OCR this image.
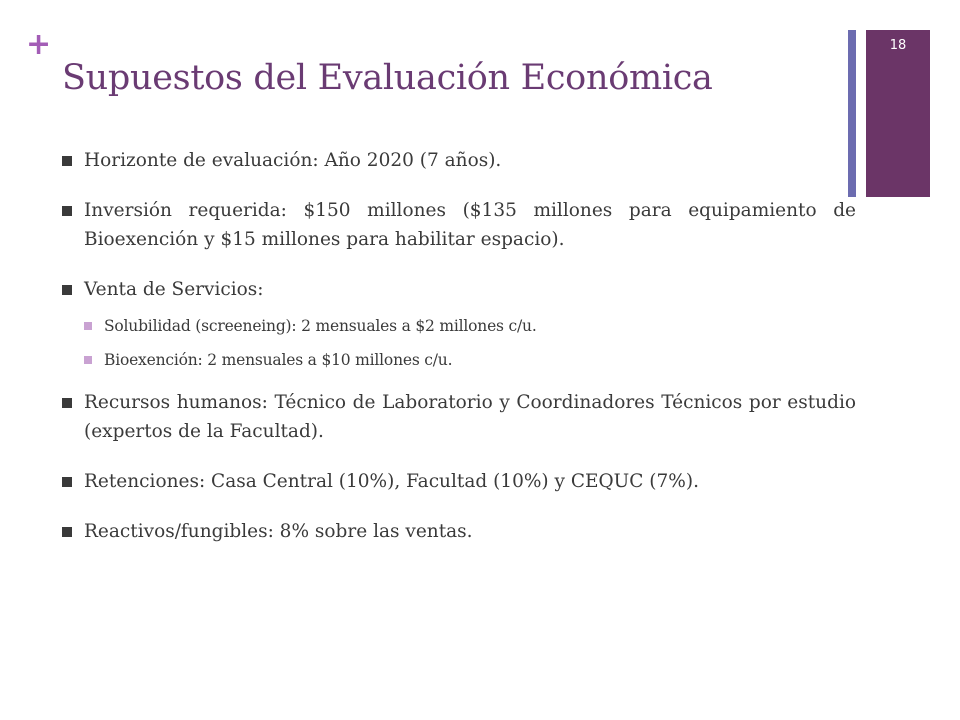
+
Supuestos del Evaluación Económica
18
Horizonte de evaluación: Año 2020 (7 años).
Inversión requerida: $150 millones ($135 millones para equipamiento de Bioexención y $15 millones para habilitar espacio).
Venta de Servicios:
Solubilidad (screeneing): 2 mensuales a $2 millones c/u.
Bioexención: 2 mensuales a $10 millones c/u.
Recursos humanos: Técnico de Laboratorio y Coordinadores Técnicos por estudio (expertos de la Facultad).
Retenciones: Casa Central (10%), Facultad (10%) y CEQUC (7%).
Reactivos/fungibles: 8% sobre las ventas.
